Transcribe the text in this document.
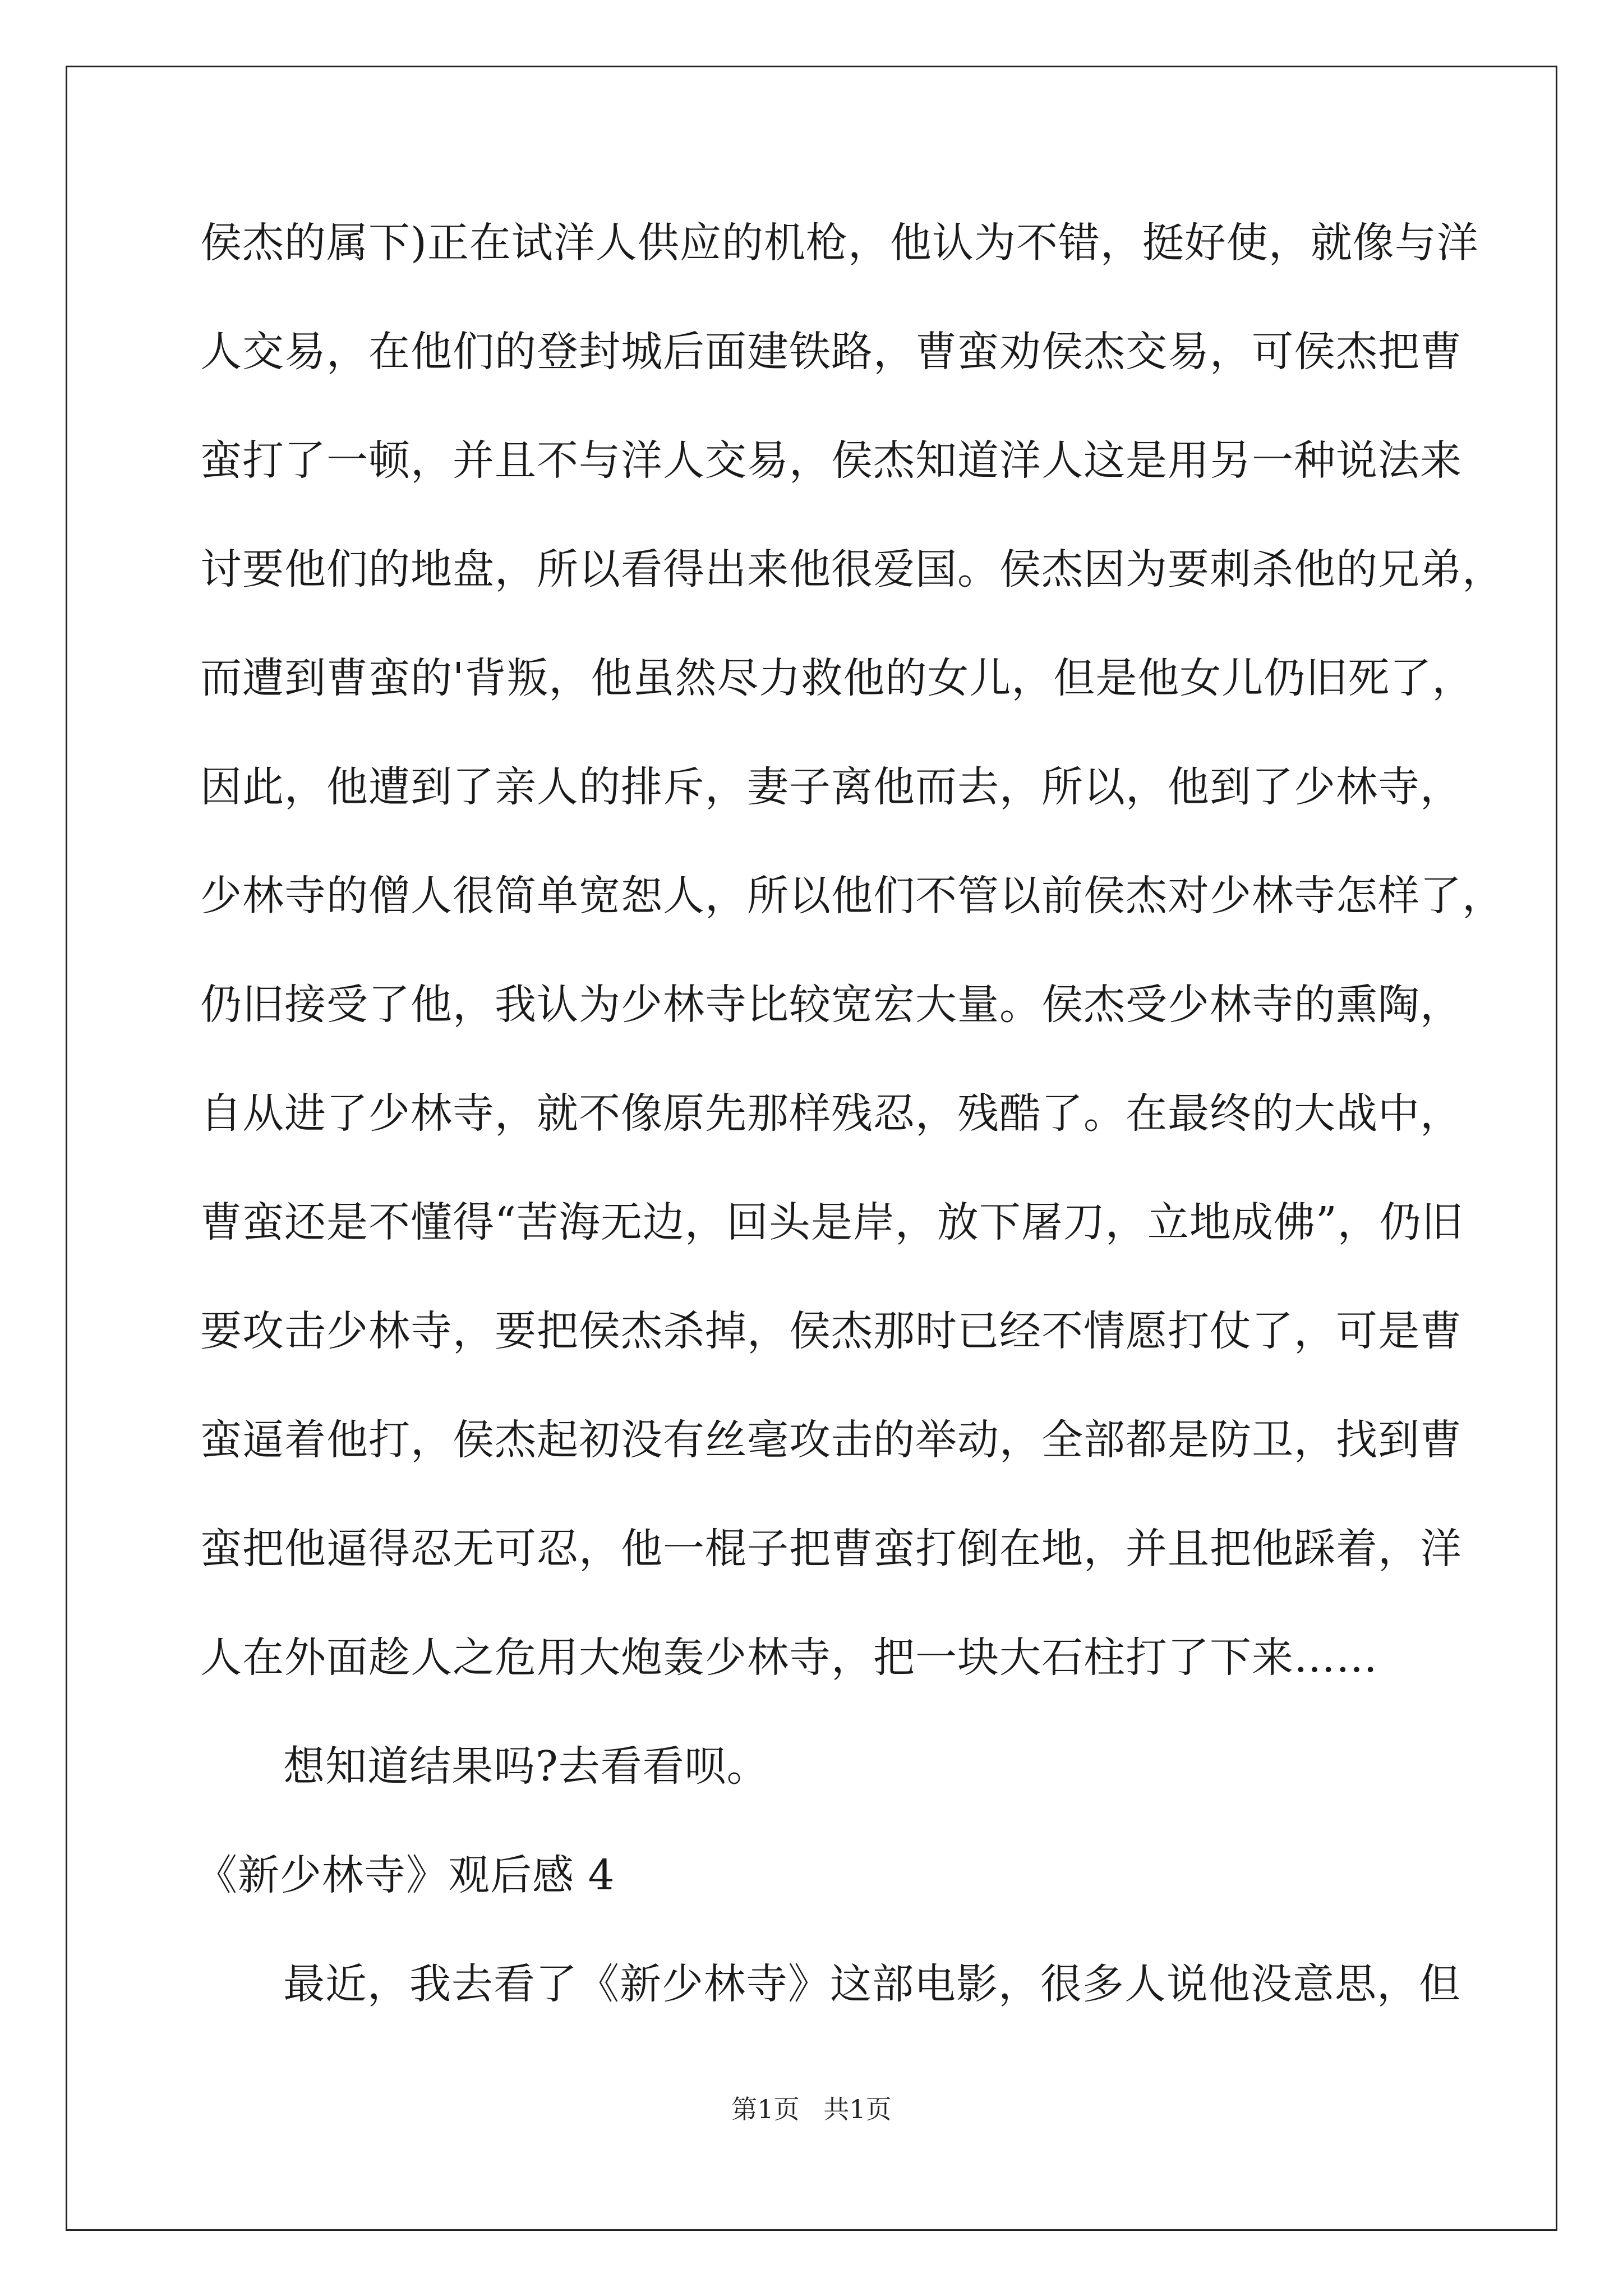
侯杰的属下)正在试洋人供应的机枪，他认为不错，挺好使，就像与洋
人交易，在他们的登封城后面建铁路，曹蛮劝侯杰交易，可侯杰把曹
蛮打了一顿，并且不与洋人交易，侯杰知道洋人这是用另一种说法来
讨要他们的地盘，所以看得出来他很爱国。侯杰因为要刺杀他的兄弟，
而遭到曹蛮的'背叛，他虽然尽力救他的女儿，但是他女儿仍旧死了，
因此，他遭到了亲人的排斥，妻子离他而去，所以，他到了少林寺，
少林寺的僧人很简单宽恕人，所以他们不管以前侯杰对少林寺怎样了，
仍旧接受了他，我认为少林寺比较宽宏大量。侯杰受少林寺的熏陶，
自从进了少林寺，就不像原先那样残忍，残酷了。在最终的大战中，
曹蛮还是不懂得“苦海无边，回头是岸，放下屠刀，立地成佛”，仍旧
要攻击少林寺，要把侯杰杀掉，侯杰那时已经不情愿打仗了，可是曹
蛮逼着他打，侯杰起初没有丝毫攻击的举动，全部都是防卫，找到曹
蛮把他逼得忍无可忍，他一棍子把曹蛮打倒在地，并且把他踩着，洋
人在外面趁人之危用大炮轰少林寺，把一块大石柱打了下来……
想知道结果吗?去看看呗。
《新少林寺》观后感 4
最近，我去看了《新少林寺》这部电影，很多人说他没意思，但
第1页 共1页
